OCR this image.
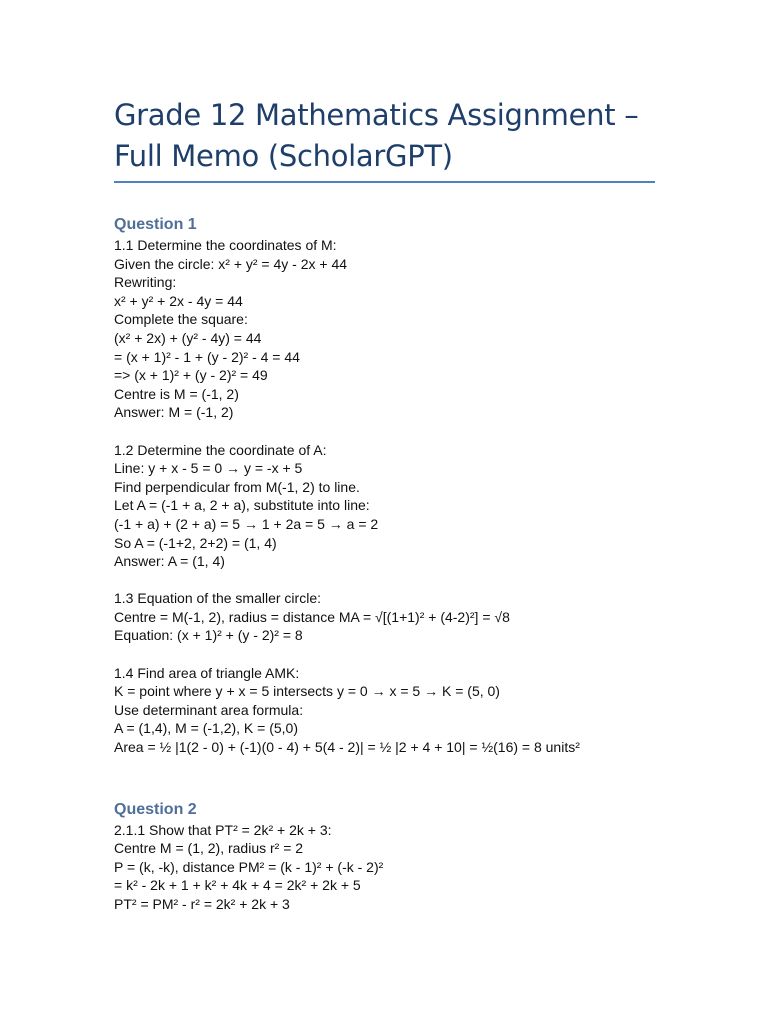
Grade 12 Mathematics Assignment –
Full Memo (ScholarGPT)
Question 1

1.1 Determine the coordinates of M:

Given the circle: x² + y² = 4y - 2x + 44

Rewriting:

x² + y² + 2x - 4y = 44

Complete the square:

(x² + 2x) + (y² - 4y) = 44

= (x + 1)² - 1 + (y - 2)² - 4 = 44

=> (x + 1)² + (y - 2)² = 49

Centre is M = (-1, 2)

Answer: M = (-1, 2)

1.2 Determine the coordinate of A:

Line: y + x - 5 = 0 → y = -x + 5

Find perpendicular from M(-1, 2) to line.

Let A = (-1 + a, 2 + a), substitute into line:

(-1 + a) + (2 + a) = 5 → 1 + 2a = 5 → a = 2

So A = (-1+2, 2+2) = (1, 4)

Answer: A = (1, 4)

1.3 Equation of the smaller circle:

Centre = M(-1, 2), radius = distance MA = √[(1+1)² + (4-2)²] = √8

Equation: (x + 1)² + (y - 2)² = 8

1.4 Find area of triangle AMK:

K = point where y + x = 5 intersects y = 0 → x = 5 → K = (5, 0)

Use determinant area formula:

A = (1,4), M = (-1,2), K = (5,0)

Area = ½ |1(2 - 0) + (-1)(0 - 4) + 5(4 - 2)| = ½ |2 + 4 + 10| = ½(16) = 8 units²

Question 2

2.1.1 Show that PT² = 2k² + 2k + 3:

Centre M = (1, 2), radius r² = 2

P = (k, -k), distance PM² = (k - 1)² + (-k - 2)²

= k² - 2k + 1 + k² + 4k + 4 = 2k² + 2k + 5

PT² = PM² - r² = 2k² + 2k + 3
